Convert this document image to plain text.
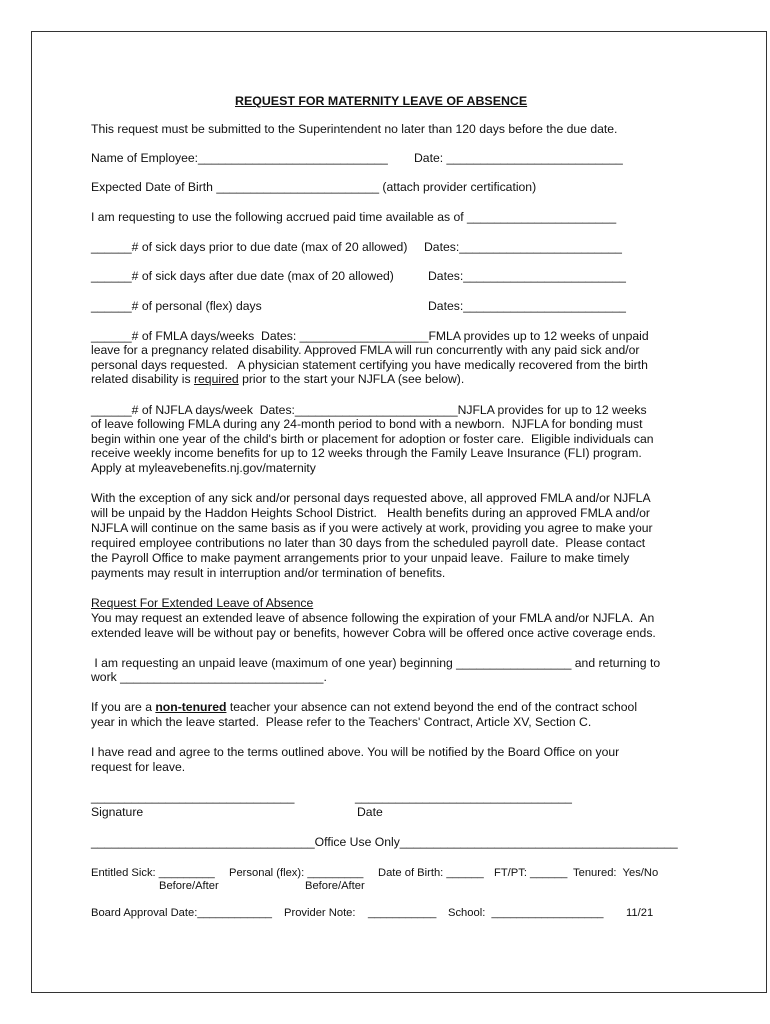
REQUEST FOR MATERNITY LEAVE OF ABSENCE
This request must be submitted to the Superintendent no later than 120 days before the due date.
Name of Employee:____________________________ Date: __________________________
Expected Date of Birth ________________________ (attach provider certification)
I am requesting to use the following accrued paid time available as of ______________________
______# of sick days prior to due date (max of 20 allowed) Dates:________________________
______# of sick days after due date (max of 20 allowed)	Dates:________________________
______# of personal (flex) days	Dates:________________________
______# of FMLA days/weeks  Dates: ___________________FMLA provides up to 12 weeks of unpaid
leave for a pregnancy related disability. Approved FMLA will run concurrently with any paid sick and/or
personal days requested.   A physician statement certifying you have medically recovered from the birth
related disability is required prior to the start your NJFLA (see below).
______# of NJFLA days/week  Dates:________________________NJFLA provides for up to 12 weeks
of leave following FMLA during any 24-month period to bond with a newborn.  NJFLA for bonding must
begin within one year of the child's birth or placement for adoption or foster care.  Eligible individuals can
receive weekly income benefits for up to 12 weeks through the Family Leave Insurance (FLI) program.
Apply at myleavebenefits.nj.gov/maternity
With the exception of any sick and/or personal days requested above, all approved FMLA and/or NJFLA
will be unpaid by the Haddon Heights School District.   Health benefits during an approved FMLA and/or
NJFLA will continue on the same basis as if you were actively at work, providing you agree to make your
required employee contributions no later than 30 days from the scheduled payroll date.  Please contact
the Payroll Office to make payment arrangements prior to your unpaid leave.  Failure to make timely
payments may result in interruption and/or termination of benefits.
Request For Extended Leave of Absence
You may request an extended leave of absence following the expiration of your FMLA and/or NJFLA.  An
extended leave will be without pay or benefits, however Cobra will be offered once active coverage ends.
I am requesting an unpaid leave (maximum of one year) beginning _________________ and returning to
work ______________________________.
If you are a non-tenured teacher your absence can not extend beyond the end of the contract school
year in which the leave started.  Please refer to the Teachers' Contract, Article XV, Section C.
I have read and agree to the terms outlined above. You will be notified by the Board Office on your
request for leave.
______________________________
Signature
________________________________
Date
_________________________________Office Use Only_________________________________________
Entitled Sick: _________
Before/After
Personal (flex): _________
Before/After
Date of Birth: ______ FT/PT: ______ Tenured:  Yes/No
Board Approval Date:____________ Provider Note:    ___________ School:  __________________ 11/21
